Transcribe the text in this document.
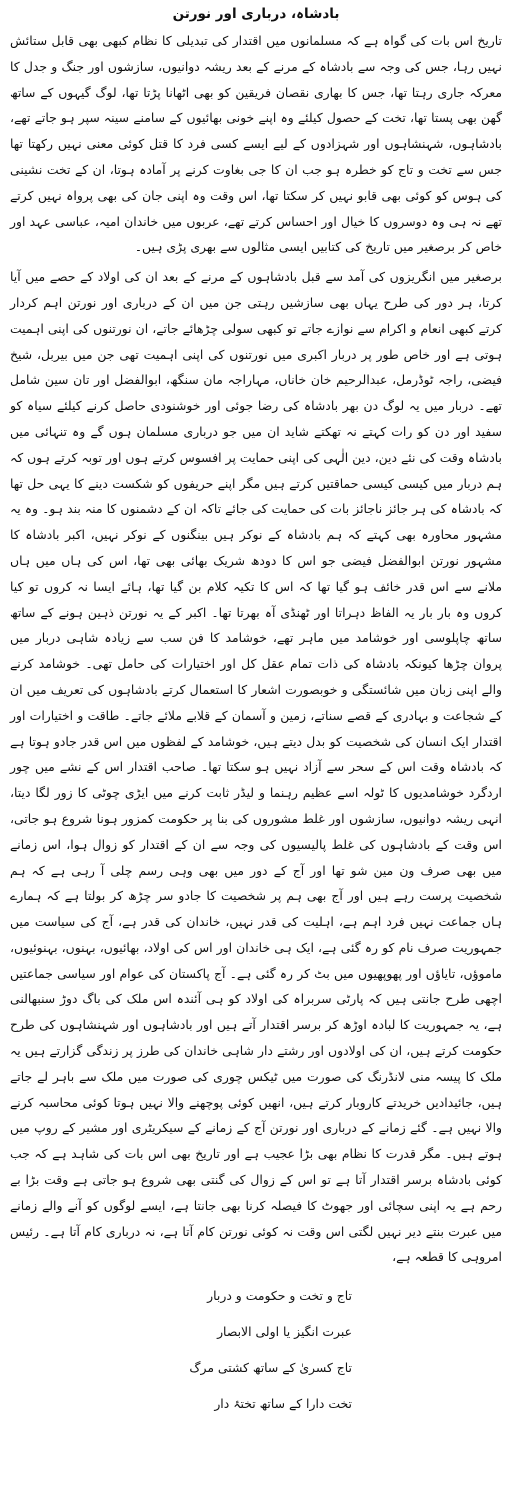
بادشاہ، درباری اور نورتن

تاریخ اس بات کی گواہ ہے کہ مسلمانوں میں اقتدار کی تبدیلی کا نظام کبھی بھی قابل ستائش نہیں رہا، جس کی وجہ سے بادشاہ کے مرنے کے بعد ریشہ دوانیوں، سازشوں اور جنگ و جدل کا معرکہ جاری رہتا تھا، جس کا بھاری نقصان فریقین کو بھی اٹھانا پڑتا تھا، لوگ گیہوں کے ساتھ گھن بھی پستا تھا، تخت کے حصول کیلئے وہ اپنے خونی بھائیوں کے سامنے سینہ سپر ہو جاتے تھے، بادشاہوں، شہنشاہوں اور شہزادوں کے لیے ایسے کسی فرد کا قتل کوئی معنی نہیں رکھتا تھا جس سے تخت و تاج کو خطرہ ہو جب ان کا جی بغاوت کرنے پر آمادہ ہوتا، ان کے تخت نشینی کی ہوس کو کوئی بھی قابو نہیں کر سکتا تھا، اس وقت وہ اپنی جان کی بھی پرواہ نہیں کرتے تھے نہ ہی وہ دوسروں کا خیال اور احساس کرتے تھے، عربوں میں خاندان امیہ، عباسی عہد اور خاص کر برصغیر میں تاریخ کی کتابیں ایسی مثالوں سے بھری پڑی ہیں۔

برصغیر میں انگریزوں کی آمد سے قبل بادشاہوں کے مرنے کے بعد ان کی اولاد کے حصے میں آیا کرتا، ہر دور کی طرح یہاں بھی سازشیں رہتی جن میں ان کے درباری اور نورتن اہم کردار کرتے کبھی انعام و اکرام سے نوازے جاتے تو کبھی سولی چڑھائے جاتے، ان نورتنوں کی اپنی اہمیت ہوتی ہے اور خاص طور پر دربار اکبری میں نورتنوں کی اپنی اہمیت تھی جن میں بیربل، شیخ فیضی، راجہ ٹوڈرمل، عبدالرحیم خان خاناں، مہاراجہ مان سنگھ، ابوالفضل اور تان سین شامل تھے۔ دربار میں یہ لوگ دن بھر بادشاہ کی رضا جوئی اور خوشنودی حاصل کرنے کیلئے سیاہ کو سفید اور دن کو رات کہتے نہ تھکتے شاید ان میں جو درباری مسلمان ہوں گے وہ تنہائی میں بادشاہ وقت کی نئے دین، دین الٰہی کی اپنی حمایت پر افسوس کرتے ہوں اور توبہ کرتے ہوں کہ ہم دربار میں کیسی کیسی حماقتیں کرتے ہیں مگر اپنے حریفوں کو شکست دینے کا یہی حل تھا کہ بادشاہ کی ہر جائز ناجائز بات کی حمایت کی جائے تاکہ ان کے دشمنوں کا منہ بند ہو۔ وہ یہ مشہور محاورہ بھی کہتے کہ ہم بادشاہ کے نوکر ہیں بینگنوں کے نوکر نہیں، اکبر بادشاہ کا مشہور نورتن ابوالفضل فیضی جو اس کا دودھ شریک بھائی بھی تھا، اس کی ہاں میں ہاں ملانے سے اس قدر خائف ہو گیا تھا کہ اس کا تکیہ کلام بن گیا تھا، ہائے ایسا نہ کروں تو کیا کروں وہ بار بار یہ الفاظ دہراتا اور ٹھنڈی آہ بھرتا تھا۔ اکبر کے یہ نورتن ذہین ہونے کے ساتھ ساتھ چاپلوسی اور خوشامد میں ماہر تھے، خوشامد کا فن سب سے زیادہ شاہی دربار میں پروان چڑھا کیونکہ بادشاہ کی ذات تمام عقل کل اور اختیارات کی حامل تھی۔ خوشامد کرنے والے اپنی زبان میں شائستگی و خوبصورت اشعار کا استعمال کرتے بادشاہوں کی تعریف میں ان کے شجاعت و بہادری کے قصے سناتے، زمین و آسمان کے قلابے ملائے جاتے۔ طاقت و اختیارات اور اقتدار ایک انسان کی شخصیت کو بدل دیتے ہیں، خوشامد کے لفظوں میں اس قدر جادو ہوتا ہے کہ بادشاہ وقت اس کے سحر سے آزاد نہیں ہو سکتا تھا۔ صاحب اقتدار اس کے نشے میں چور اردگرد خوشامدیوں کا ٹولہ اسے عظیم رہنما و لیڈر ثابت کرنے میں ایڑی چوٹی کا زور لگا دیتا، انہی ریشہ دوانیوں، سازشوں اور غلط مشوروں کی بنا پر حکومت کمزور ہونا شروع ہو جاتی، اس وقت کے بادشاہوں کی غلط پالیسیوں کی وجہ سے ان کے اقتدار کو زوال ہوا، اس زمانے میں بھی صرف ون مین شو تھا اور آج کے دور میں بھی وہی رسم چلی آ رہی ہے کہ ہم شخصیت پرست رہے ہیں اور آج بھی ہم پر شخصیت کا جادو سر چڑھ کر بولتا ہے کہ ہمارے ہاں جماعت نہیں فرد اہم ہے، اہلیت کی قدر نہیں، خاندان کی قدر ہے، آج کی سیاست میں جمہوریت صرف نام کو رہ گئی ہے، ایک ہی خاندان اور اس کی اولاد، بھائیوں، بہنوں، بہنوئیوں، ماموؤں، تایاؤں اور پھوپھیوں میں بٹ کر رہ گئی ہے۔ آج پاکستان کی عوام اور سیاسی جماعتیں اچھی طرح جانتی ہیں کہ پارٹی سربراہ کی اولاد کو ہی آئندہ اس ملک کی باگ دوڑ سنبھالنی ہے، یہ جمہوریت کا لبادہ اوڑھ کر برسر اقتدار آتے ہیں اور بادشاہوں اور شہنشاہوں کی طرح حکومت کرتے ہیں، ان کی اولادوں اور رشتے دار شاہی خاندان کی طرز پر زندگی گزارتے ہیں یہ ملک کا پیسہ منی لانڈرنگ کی صورت میں ٹیکس چوری کی صورت میں ملک سے باہر لے جاتے ہیں، جائیدادیں خریدتے کاروبار کرتے ہیں، انھیں کوئی پوچھنے والا نہیں ہوتا کوئی محاسبہ کرنے والا نہیں ہے۔ گئے زمانے کے درباری اور نورتن آج کے زمانے کے سیکریٹری اور مشیر کے روپ میں ہوتے ہیں۔ مگر قدرت کا نظام بھی بڑا عجیب ہے اور تاریخ بھی اس بات کی شاہد ہے کہ جب کوئی بادشاہ برسر اقتدار آتا ہے تو اس کے زوال کی گنتی بھی شروع ہو جاتی ہے وقت بڑا بے رحم ہے یہ اپنی سچائی اور جھوٹ کا فیصلہ کرنا بھی جانتا ہے، ایسے لوگوں کو آنے والے زمانے میں عبرت بنتے دیر نہیں لگتی اس وقت نہ کوئی نورتن کام آتا ہے، نہ درباری کام آتا ہے۔ رئیس امروہی کا قطعہ ہے،

تاج و تخت و حکومت و دربار
عبرت انگیز یا اولی الابصار
تاج کسریٰ کے ساتھ کشتی مرگ
تخت دارا کے ساتھ تختۂ دار
